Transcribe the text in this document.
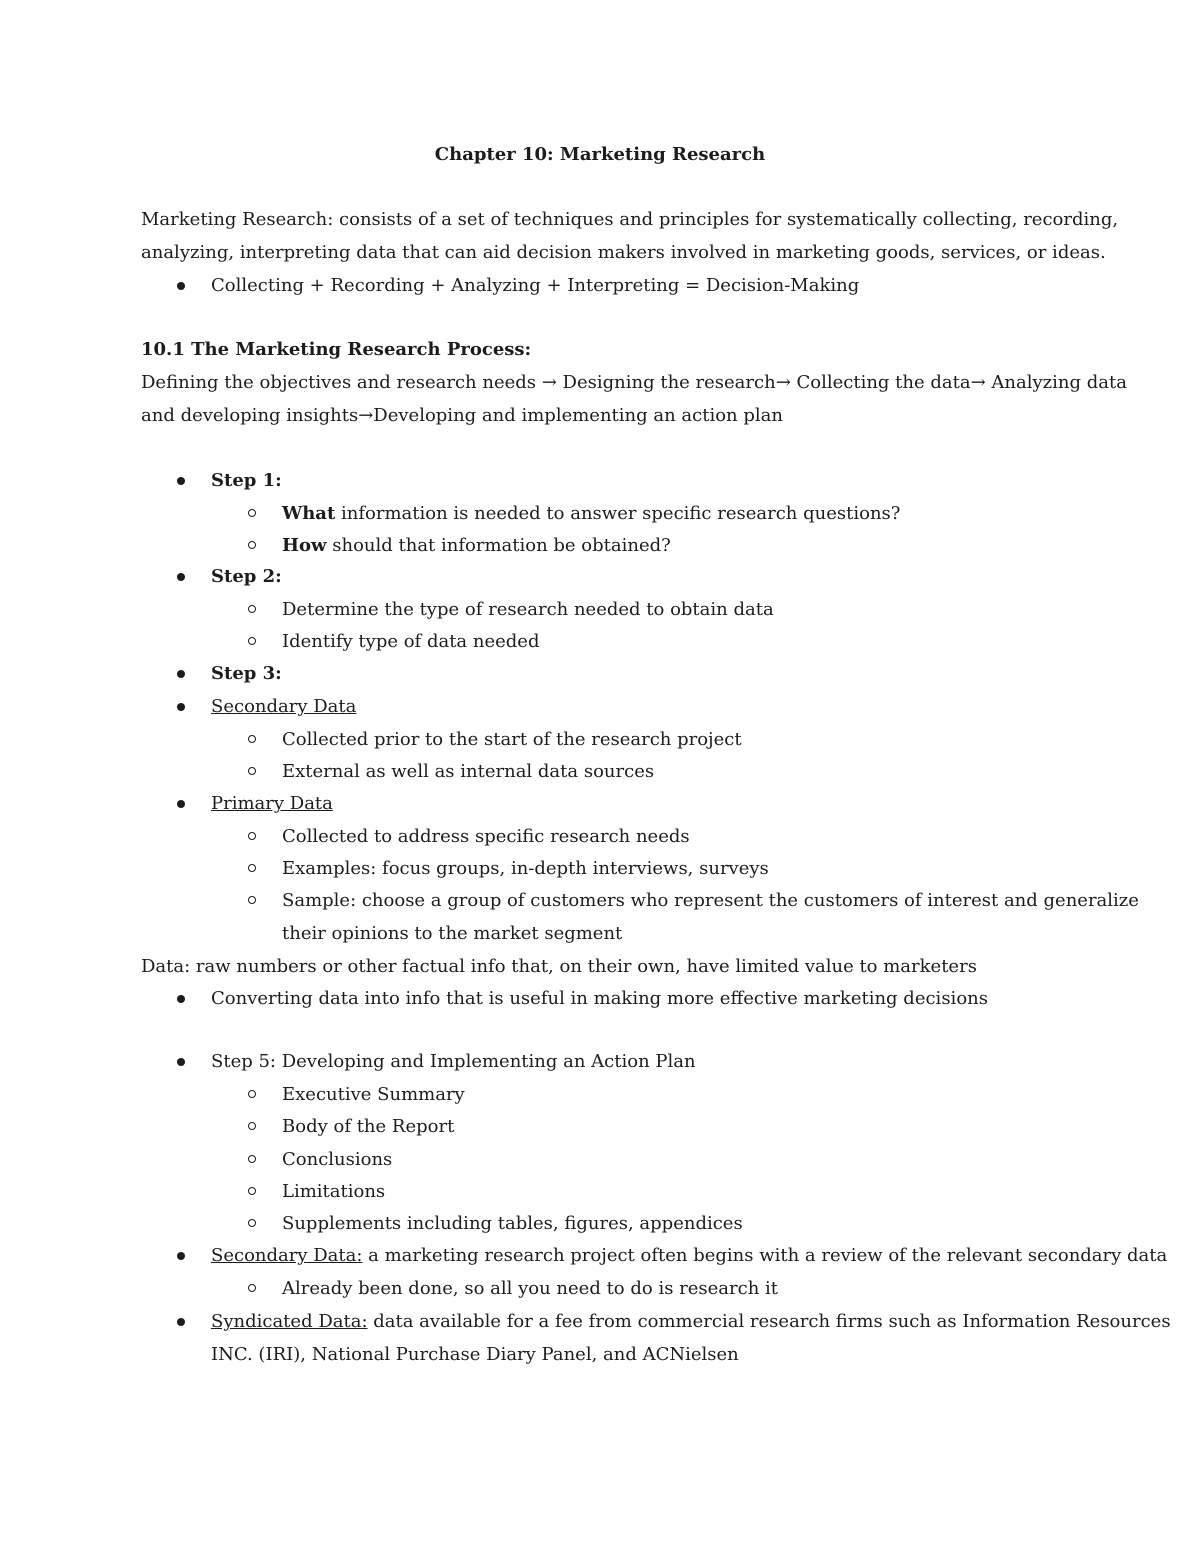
Chapter 10: Marketing Research
Marketing Research: consists of a set of techniques and principles for systematically collecting, recording,
analyzing, interpreting data that can aid decision makers involved in marketing goods, services, or ideas.
Collecting + Recording + Analyzing + Interpreting = Decision-Making
10.1 The Marketing Research Process:
Defining the objectives and research needs → Designing the research→ Collecting the data→ Analyzing data
and developing insights→Developing and implementing an action plan
Step 1:
What information is needed to answer specific research questions?
How should that information be obtained?
Step 2:
Determine the type of research needed to obtain data
Identify type of data needed
Step 3:
Secondary Data
Collected prior to the start of the research project
External as well as internal data sources
Primary Data
Collected to address specific research needs
Examples: focus groups, in-depth interviews, surveys
Sample: choose a group of customers who represent the customers of interest and generalize
their opinions to the market segment
Data: raw numbers or other factual info that, on their own, have limited value to marketers
Converting data into info that is useful in making more effective marketing decisions
Step 5: Developing and Implementing an Action Plan
Executive Summary
Body of the Report
Conclusions
Limitations
Supplements including tables, figures, appendices
Secondary Data: a marketing research project often begins with a review of the relevant secondary data
Already been done, so all you need to do is research it
Syndicated Data: data available for a fee from commercial research firms such as Information Resources
INC. (IRI), National Purchase Diary Panel, and ACNielsen
